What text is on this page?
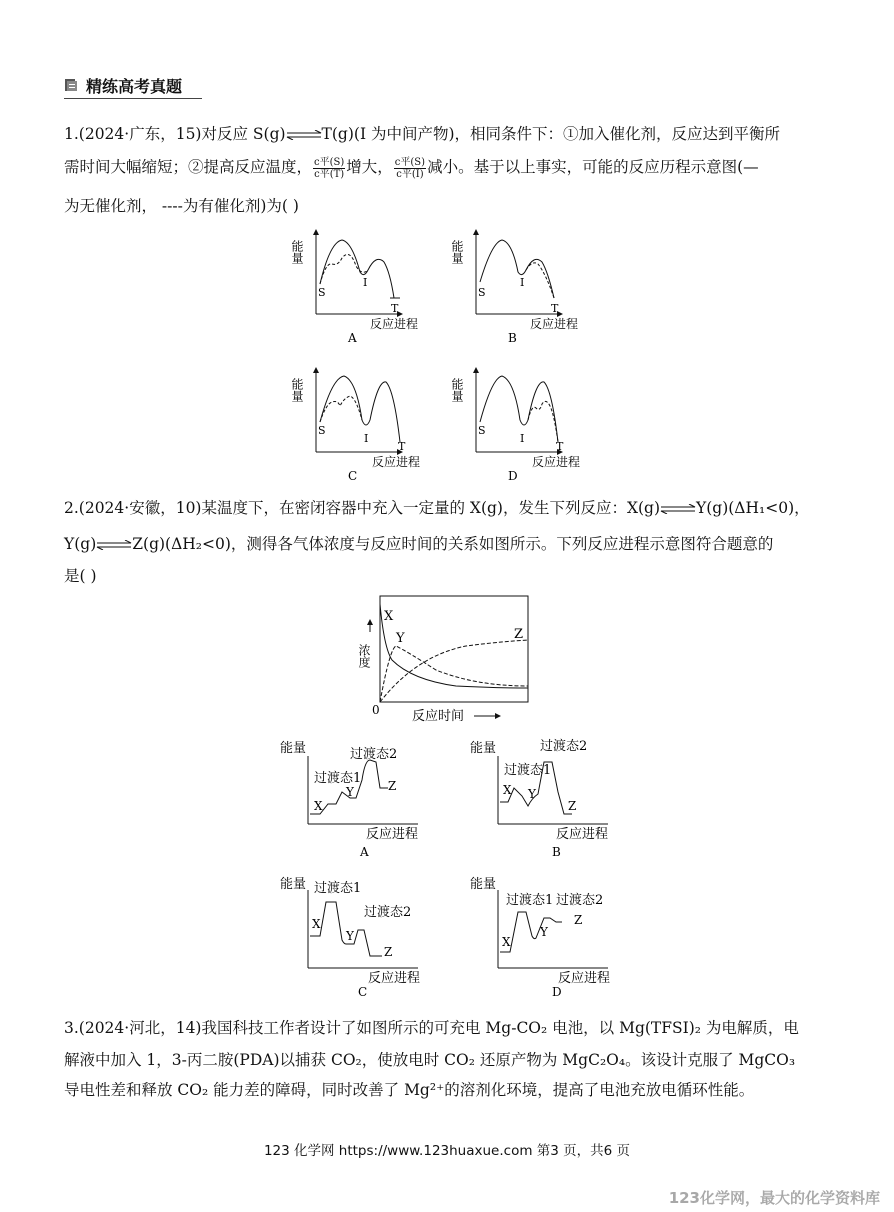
精练高考真题
1.(2024·广东，15)对反应 S(g)⇌T(g)(I 为中间产物)，相同条件下：①加入催化剂，反应达到平衡所
需时间大幅缩短；②提高反应温度， $\frac{\text{c平(S)}}{\text{c平(T)}}$ 增大， $\frac{\text{c平(S)}}{\text{c平(I)}}$ 减小。基于以上事实，可能的反应历程示意图(—
为无催化剂， ----为有催化剂)为( )
能量
S
I
T
反应进程
A
能量
S
I
T
反应进程
B
能量
S
I
T
反应进程
C
能量
S
I
T
反应进程
D
2.(2024·安徽，10)某温度下，在密闭容器中充入一定量的 X(g)，发生下列反应：X(g)⇌Y(g)(ΔH₁<0)，
Y(g)⇌Z(g)(ΔH₂<0)，测得各气体浓度与反应时间的关系如图所示。下列反应进程示意图符合题意的
是( )
X
Y	Z
浓度
0 反应时间
能量	过渡态2
过渡态1
X
Y	Z
反应进程
A
能量	过渡态2
过渡态1
X Y
Z
反应进程
B
能量 过渡态1
过渡态2
X
Y
Z
反应进程
C
能量
过渡态1 过渡态2
X
Y
Z
反应进程
D
3.(2024·河北，14)我国科技工作者设计了如图所示的可充电 Mg-CO₂ 电池，以 Mg(TFSI)₂ 为电解质，电
解液中加入 1，3-丙二胺(PDA)以捕获 CO₂，使放电时 CO₂ 还原产物为 MgC₂O₄。该设计克服了 MgCO₃
导电性差和释放 CO₂ 能力差的障碍，同时改善了 Mg²⁺的溶剂化环境，提高了电池充放电循环性能。
123 化学网 https://www.123huaxue.com 第3 页，共6 页
123化学网，最大的化学资料库
